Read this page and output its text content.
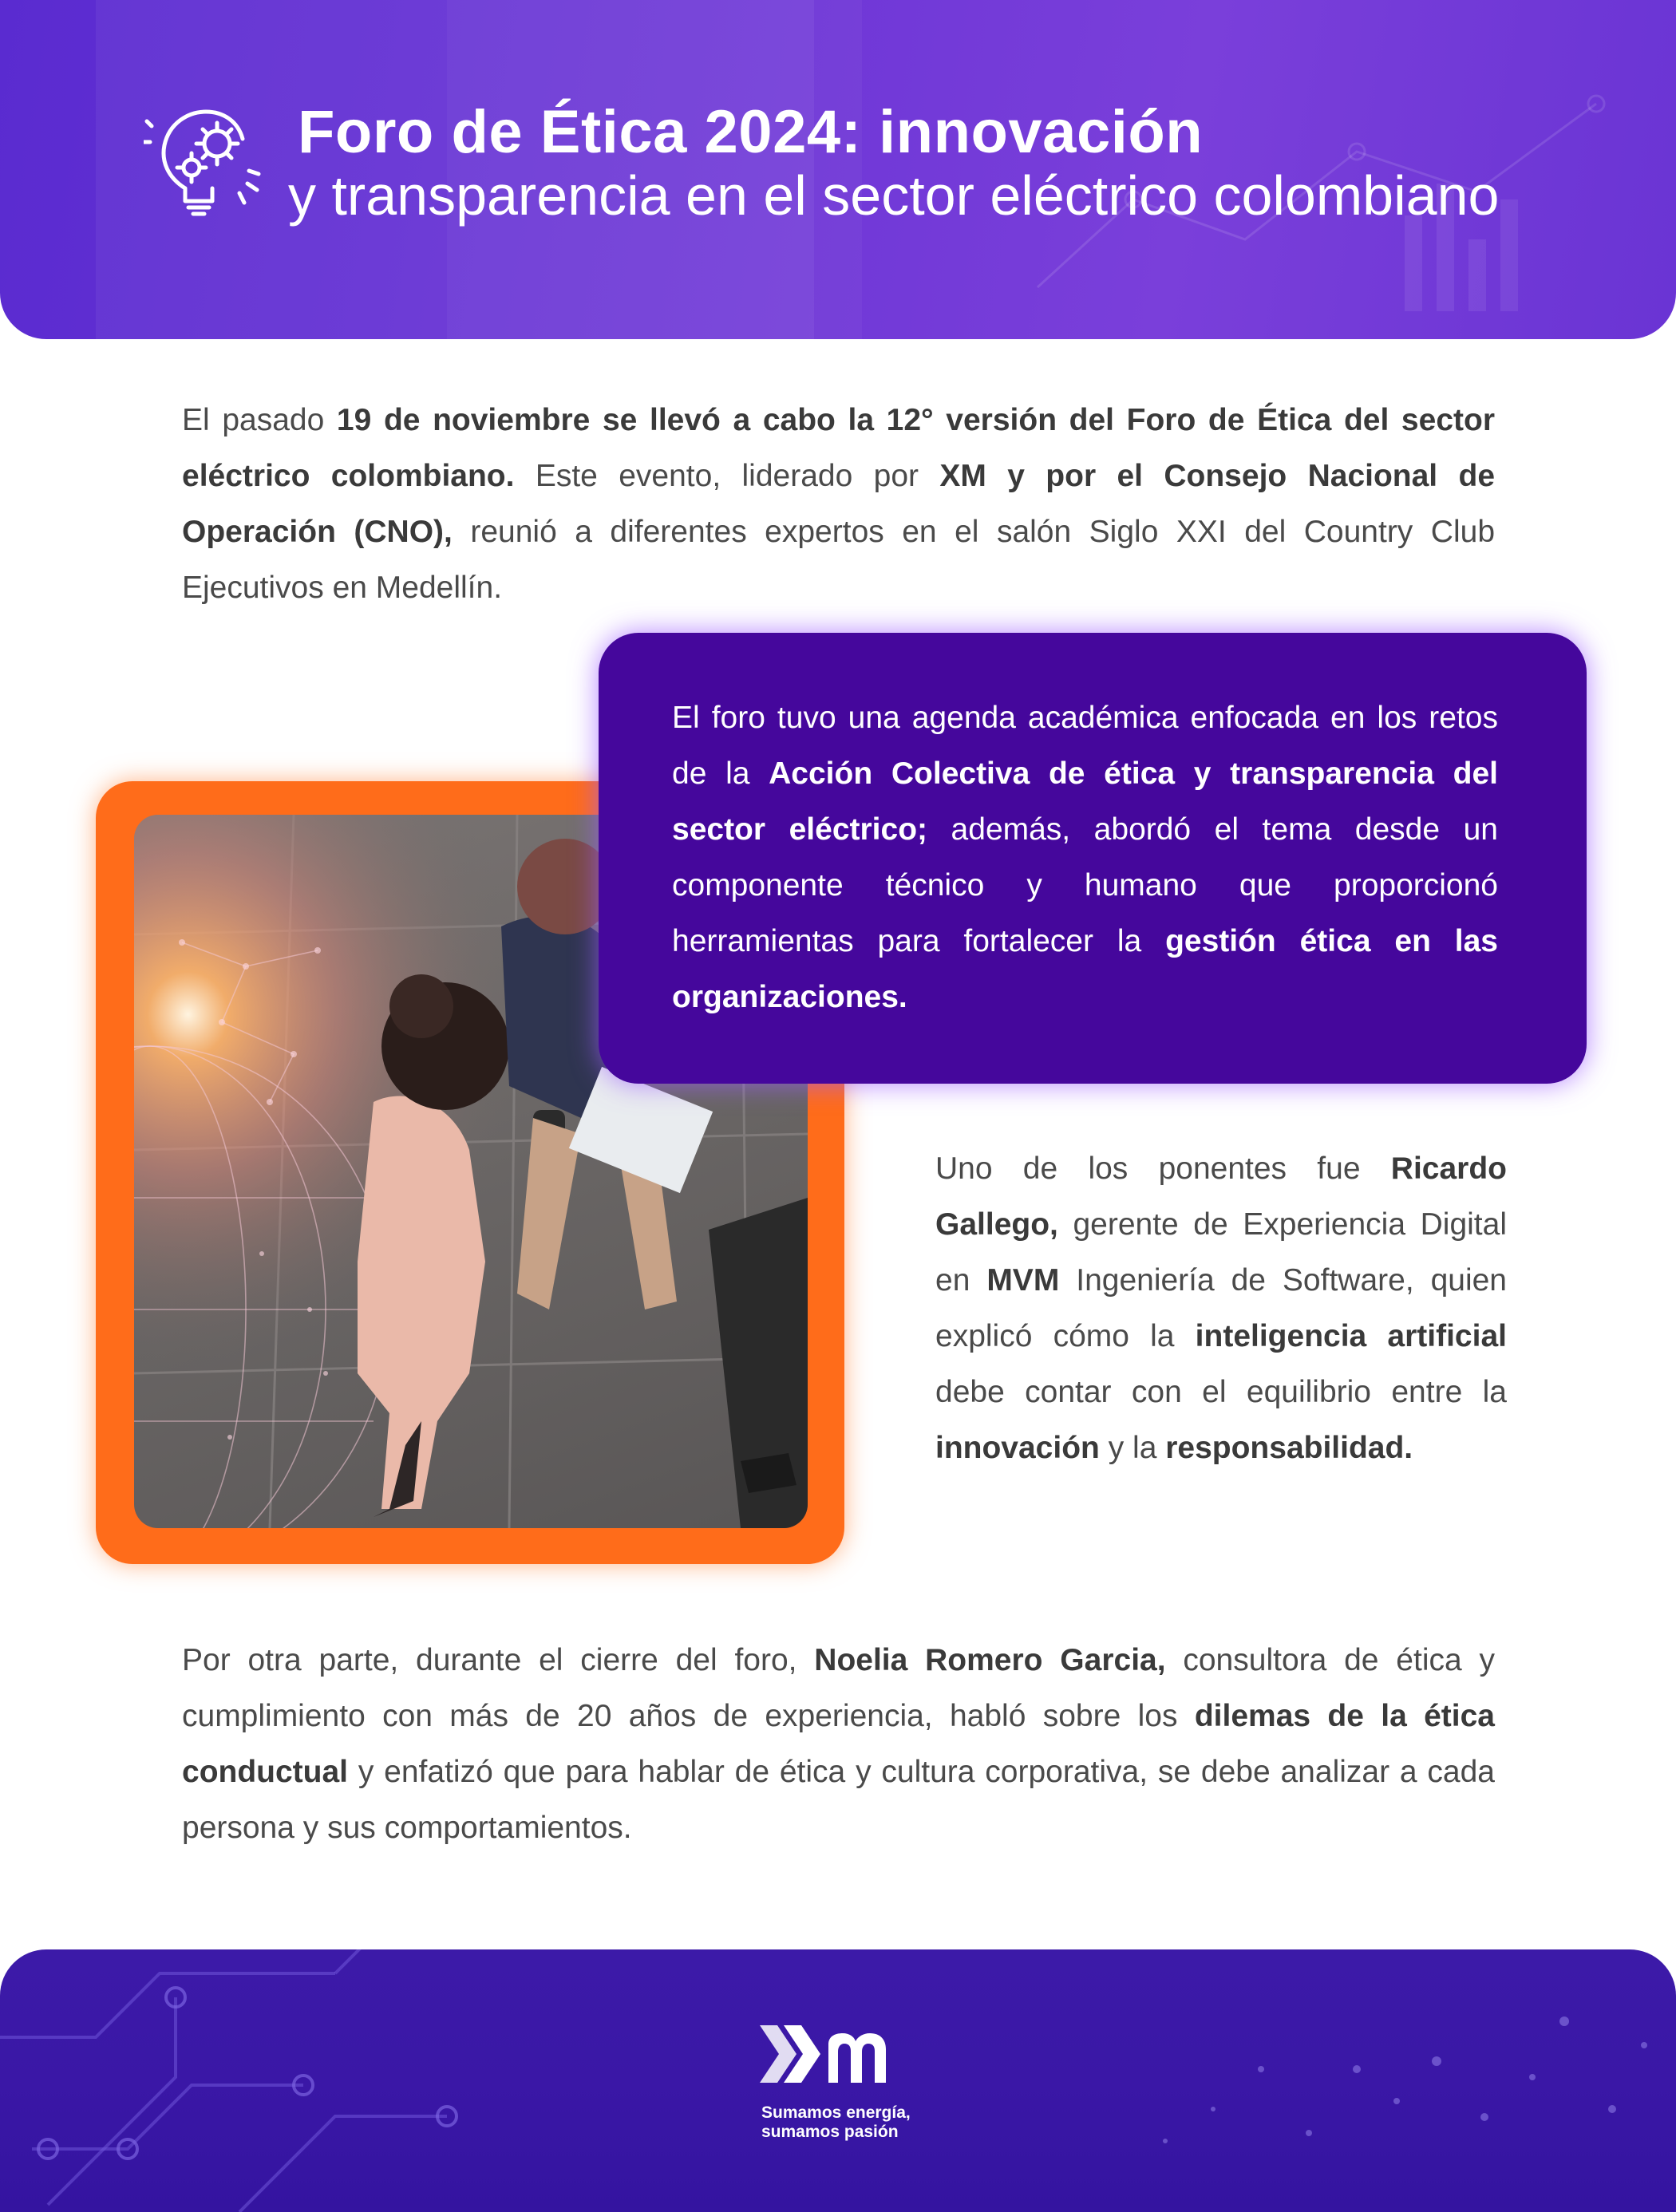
Foro de Ética 2024: innovación
y transparencia en el sector eléctrico colombiano

El pasado 19 de noviembre se llevó a cabo la 12° versión del Foro de Ética del sector eléctrico colombiano. Este evento, liderado por XM y por el Consejo Nacional de Operación (CNO), reunió a diferentes expertos en el salón Siglo XXI del Country Club Ejecutivos en Medellín.

El foro tuvo una agenda académica enfocada en los retos de la Acción Colectiva de ética y transparencia del sector eléctrico; además, abordó el tema desde un componente técnico y humano que proporcionó herramientas para fortalecer la gestión ética en las organizaciones.

Uno de los ponentes fue Ricardo Gallego, gerente de Experiencia Digital en MVM Ingeniería de Software, quien explicó cómo la inteligencia artificial debe contar con el equilibrio entre la innovación y la responsabilidad.

Por otra parte, durante el cierre del foro, Noelia Romero Garcia, consultora de ética y cumplimiento con más de 20 años de experiencia, habló sobre los dilemas de la ética conductual y enfatizó que para hablar de ética y cultura corporativa, se debe analizar a cada persona y sus comportamientos.

Sumamos energía,
sumamos pasión
